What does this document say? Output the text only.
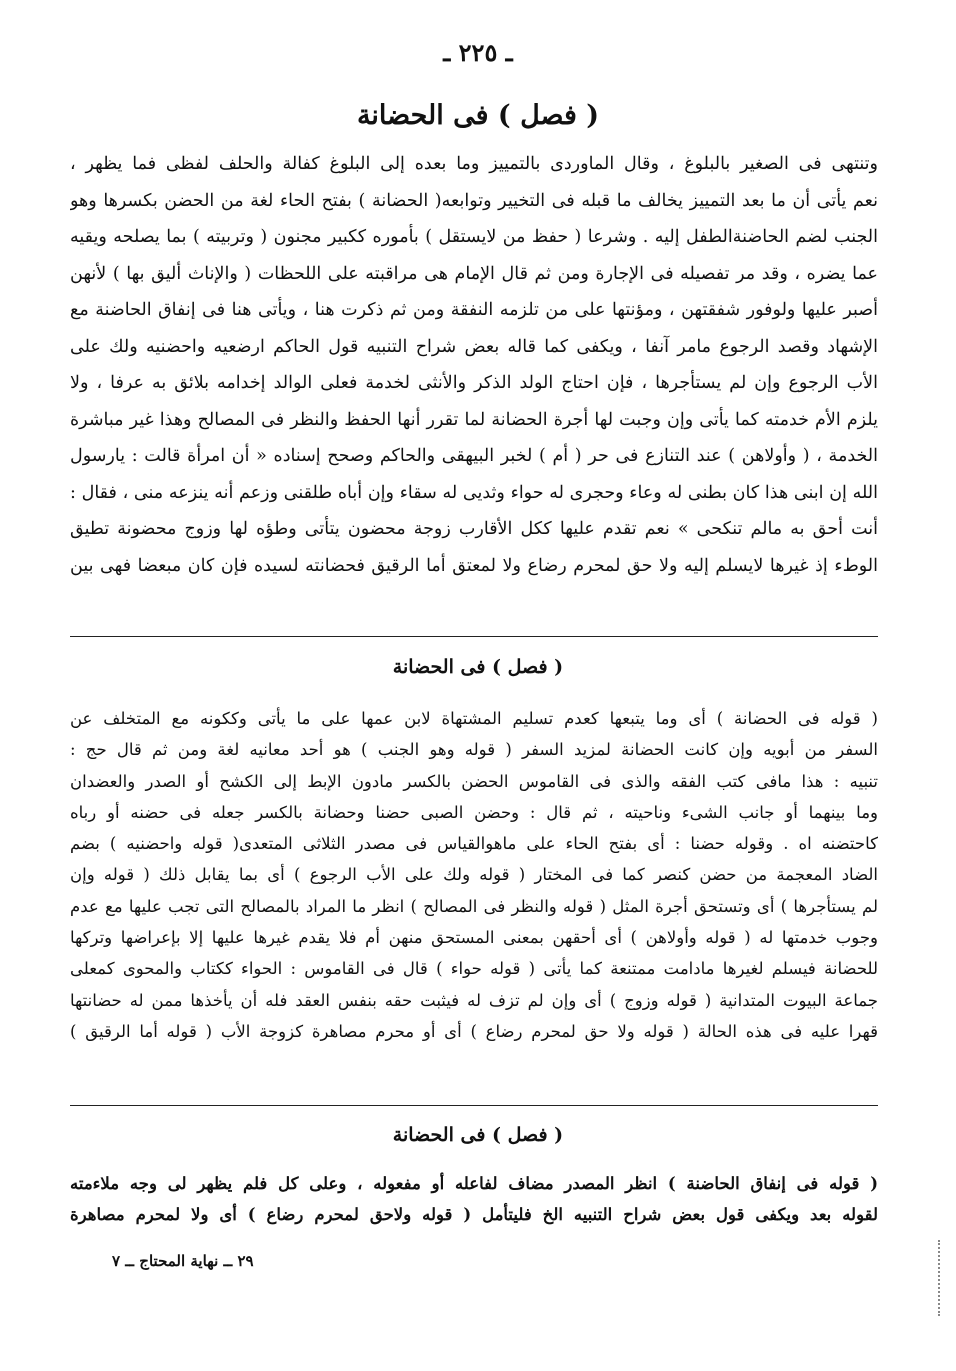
ـ ٢٢٥ ـ
( فصل ) فى الحضانة
وتنتهى فى الصغير بالبلوغ ، وقال الماوردى بالتمييز وما بعده إلى البلوغ كفالة والحلف لفظى فما يظهر ،
نعم يأتى أن ما بعد التمييز يخالف ما قبله فى التخيير وتوابعه( الحضانة ) بفتح الحاء لغة من الحضن بكسرها وهو
الجنب لضم الحاضنةالطفل إليه . وشرعا ( حفظ من لايستقل ) بأموره ككبير مجنون ( وتربيته ) بما يصلحه ويقيه
عما يضره ، وقد مر تفصيله فى الإجارة ومن ثم قال الإمام هى مراقبته على اللحظات ( والإناث أليق بها ) لأنهن
أصبر عليها ولوفور شفقتهن ، ومؤنتها على من تلزمه النفقة ومن ثم ذكرت هنا ، ويأتى هنا فى إنفاق الحاضنة مع
الإشهاد وقصد الرجوع مامر آنفا ، ويكفى كما قاله بعض شراح التنبيه قول الحاكم ارضعيه واحضنيه ولك على
الأب الرجوع وإن لم يستأجرها ، فإن احتاج الولد الذكر والأنثى لخدمة فعلى الوالد إخدامه بلائق به عرفا ، ولا
يلزم الأم خدمته كما يأتى وإن وجبت لها أجرة الحضانة لما تقرر أنها الحفظ والنظر فى المصالح وهذا غير مباشرة
الخدمة ، ( وأولاهن ) عند التنازع فى حر ( أم ) لخبر البيهقى والحاكم وصحح إسناده « أن امرأة قالت : يارسول
الله إن ابنى هذا كان بطنى له وعاء وحجرى له حواء وثديى له سقاء وإن أباه طلقنى وزعم أنه ينزعه منى ، فقال :
أنت أحق به مالم تنكحى » نعم تقدم عليها ككل الأقارب زوجة محضون يتأتى وطؤه لها وزوج محضونة تطيق
الوطء إذ غيرها لايسلم إليه ولا حق لمحرم رضاع ولا لمعتق أما الرقيق فحضانته لسيده فإن كان مبعضا فهى بين
( فصل ) فى الحضانة
( قوله فى الحضانة ) أى وما يتبعها كعدم تسليم المشتهاة لابن عمها على ما يأتى وككونه مع المتخلف عن
السفر من أبويه وإن كانت الحضانة لمزيد السفر ( قوله وهو الجنب ) هو أحد معانيه لغة ومن ثم قال حج :
تنبيه : هذا مافى كتب الفقه والذى فى القاموس الحضن بالكسر مادون الإبط إلى الكشح أو الصدر والعضدان
وما بينهما أو جانب الشىء وناحيته ، ثم قال : وحضن الصبى حضنا وحضانة بالكسر جعله فى حضنه أو رباه
كاحتضنه اه . وقوله حضنا : أى بفتح الحاء على ماهوالقياس فى مصدر الثلاثى المتعدى( قوله واحضنيه ) بضم
الضاد المعجمة من حضن كنصر كما فى المختار ( قوله ولك على الأب الرجوع ) أى بما يقابل ذلك ( قوله وإن
لم يستأجرها ) أى وتستحق أجرة المثل ( قوله والنظر فى المصالح ) انظر ما المراد بالمصالح التى تجب عليها مع عدم
وجوب خدمتها له ( قوله وأولاهن ) أى أحقهن بمعنى المستحق منهن أم فلا يقدم غيرها عليها إلا بإعراضها وتركها
للحضانة فيسلم لغيرها مادامت ممتنعة كما يأتى ( قوله حواء ) قال فى القاموس : الحواء ككتاب والمحوى كمعلى
جماعة البيوت المتدانية ( قوله وزوج ) أى وإن لم تزف له فيثبت حقه بنفس العقد فله أن يأخذها ممن له حضانتها
قهرا عليه فى هذه الحالة ( قوله ولا حق لمحرم رضاع ) أى أو محرم مصاهرة كزوجة الأب ( قوله أما الرقيق )
( فصل ) فى الحضانة
( قوله فى إنفاق الحاضنة ) انظر المصدر مضاف لفاعله أو مفعوله ، وعلى كل فلم يظهر لى وجه ملاءمته
لقوله بعد ويكفى قول بعض شراح التنبيه الخ فليتأمل ( قوله ولاحق لمحرم رضاع ) أى ولا لمحرم مصاهرة
٢٩ ــ نهاية المحتاج ــ ٧
